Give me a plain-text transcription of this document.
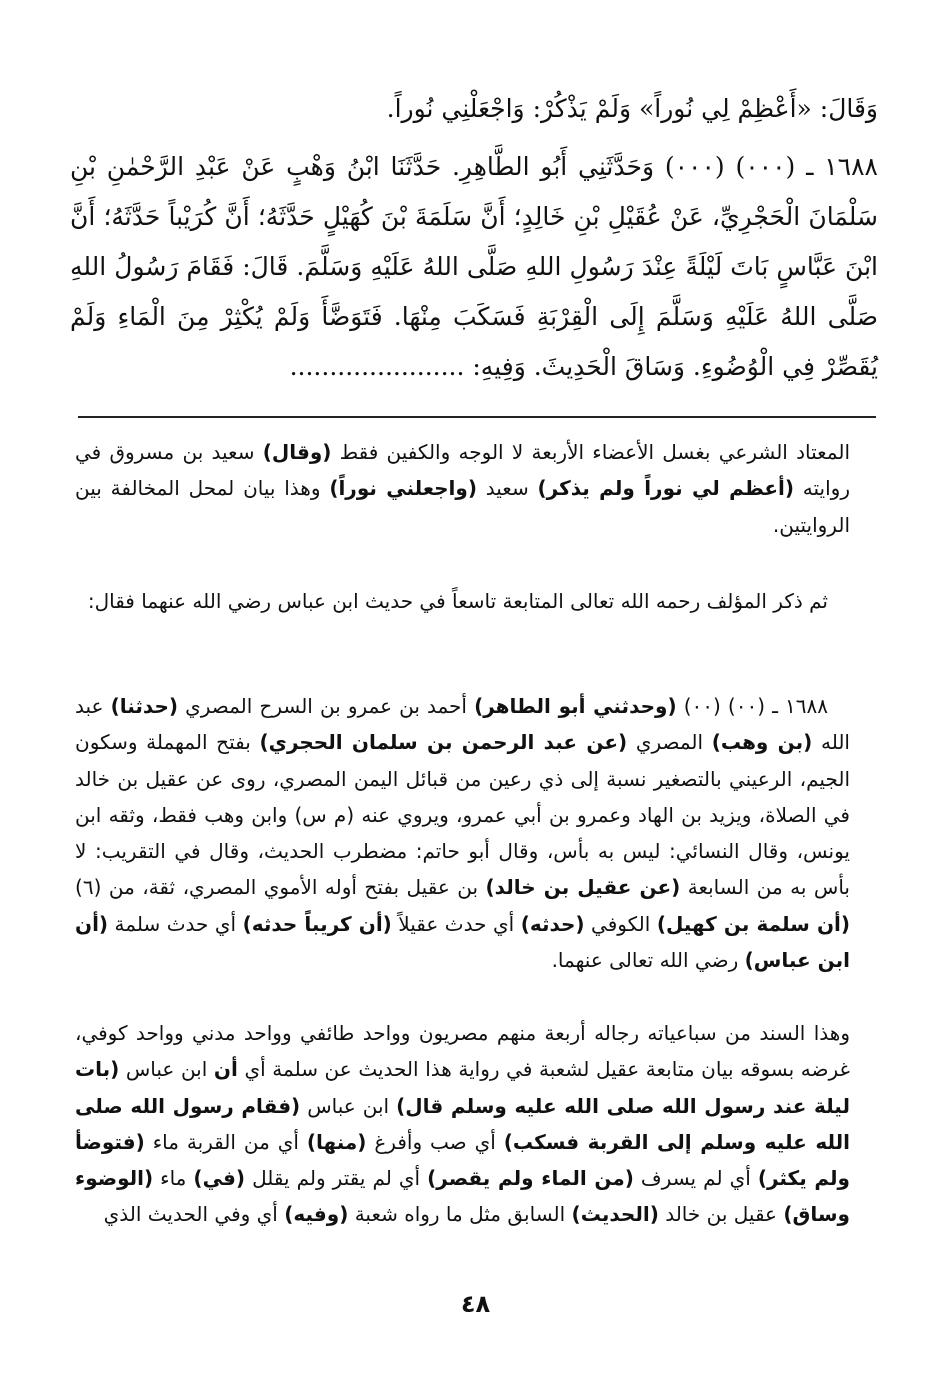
وَقَالَ: «أَعْظِمْ لِي نُوراً» وَلَمْ يَذْكُرْ: وَاجْعَلْنِي نُوراً.

١٦٨٨ ـ (٠٠٠) (٠٠٠) وَحَدَّثَنِي أَبُو الطَّاهِرِ. حَدَّثَنَا ابْنُ وَهْبٍ عَنْ عَبْدِ الرَّحْمٰنِ بْنِ سَلْمَانَ الْحَجْرِيِّ، عَنْ عُقَيْلِ بْنِ خَالِدٍ؛ أَنَّ سَلَمَةَ بْنَ كُهَيْلٍ حَدَّثَهُ؛ أَنَّ كُرَيْباً حَدَّثَهُ؛ أَنَّ ابْنَ عَبَّاسٍ بَاتَ لَيْلَةً عِنْدَ رَسُولِ اللهِ صَلَّى اللهُ عَلَيْهِ وَسَلَّمَ. قَالَ: فَقَامَ رَسُولُ اللهِ صَلَّى اللهُ عَلَيْهِ وَسَلَّمَ إِلَى الْقِرْبَةِ فَسَكَبَ مِنْهَا. فَتَوَضَّأَ وَلَمْ يُكْثِرْ مِنَ الْمَاءِ وَلَمْ يُقَصِّرْ فِي الْوُضُوءِ. وَسَاقَ الْحَدِيثَ. وَفِيهِ: ......................

المعتاد الشرعي بغسل الأعضاء الأربعة لا الوجه والكفين فقط (وقال) سعيد بن مسروق في روايته (أعظم لي نوراً ولم يذكر) سعيد (واجعلني نوراً) وهذا بيان لمحل المخالفة بين الروايتين.

ثم ذكر المؤلف رحمه الله تعالى المتابعة تاسعاً في حديث ابن عباس رضي الله عنهما فقال:

١٦٨٨ ـ (٠٠) (٠٠) (وحدثني أبو الطاهر) أحمد بن عمرو بن السرح المصري (حدثنا) عبد الله (بن وهب) المصري (عن عبد الرحمن بن سلمان الحجري) بفتح المهملة وسكون الجيم، الرعيني بالتصغير نسبة إلى ذي رعين من قبائل اليمن المصري، روى عن عقيل بن خالد في الصلاة، ويزيد بن الهاد وعمرو بن أبي عمرو، ويروي عنه (م س) وابن وهب فقط، وثقه ابن يونس، وقال النسائي: ليس به بأس، وقال أبو حاتم: مضطرب الحديث، وقال في التقريب: لا بأس به من السابعة (عن عقيل بن خالد) بن عقيل بفتح أوله الأموي المصري، ثقة، من (٦) (أن سلمة بن كهيل) الكوفي (حدثه) أي حدث عقيلاً (أن كريباً حدثه) أي حدث سلمة (أن ابن عباس) رضي الله تعالى عنهما.

وهذا السند من سباعياته رجاله أربعة منهم مصريون وواحد طائفي وواحد مدني وواحد كوفي، غرضه بسوقه بيان متابعة عقيل لشعبة في رواية هذا الحديث عن سلمة أي أن ابن عباس (بات ليلة عند رسول الله صلى الله عليه وسلم قال) ابن عباس (فقام رسول الله صلى الله عليه وسلم إلى القربة فسكب) أي صب وأفرغ (منها) أي من القربة ماء (فتوضأ ولم يكثر) أي لم يسرف (من الماء ولم يقصر) أي لم يقتر ولم يقلل (في) ماء (الوضوء وساق) عقيل بن خالد (الحديث) السابق مثل ما رواه شعبة (وفيه) أي وفي الحديث الذي

٤٨
